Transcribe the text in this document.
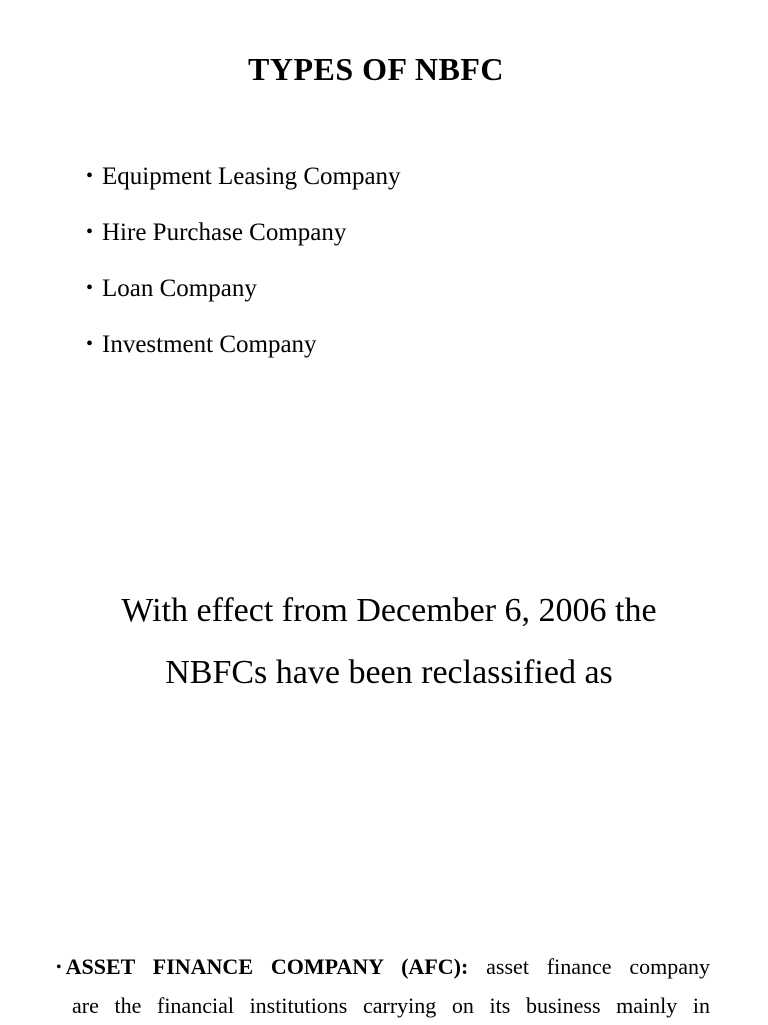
TYPES OF NBFC
• Equipment Leasing Company
• Hire Purchase Company
• Loan Company
• Investment Company
With effect from December 6, 2006 the
NBFCs have been reclassified as
• ASSET FINANCE COMPANY (AFC): asset finance company
are the financial institutions carrying on its business mainly in
